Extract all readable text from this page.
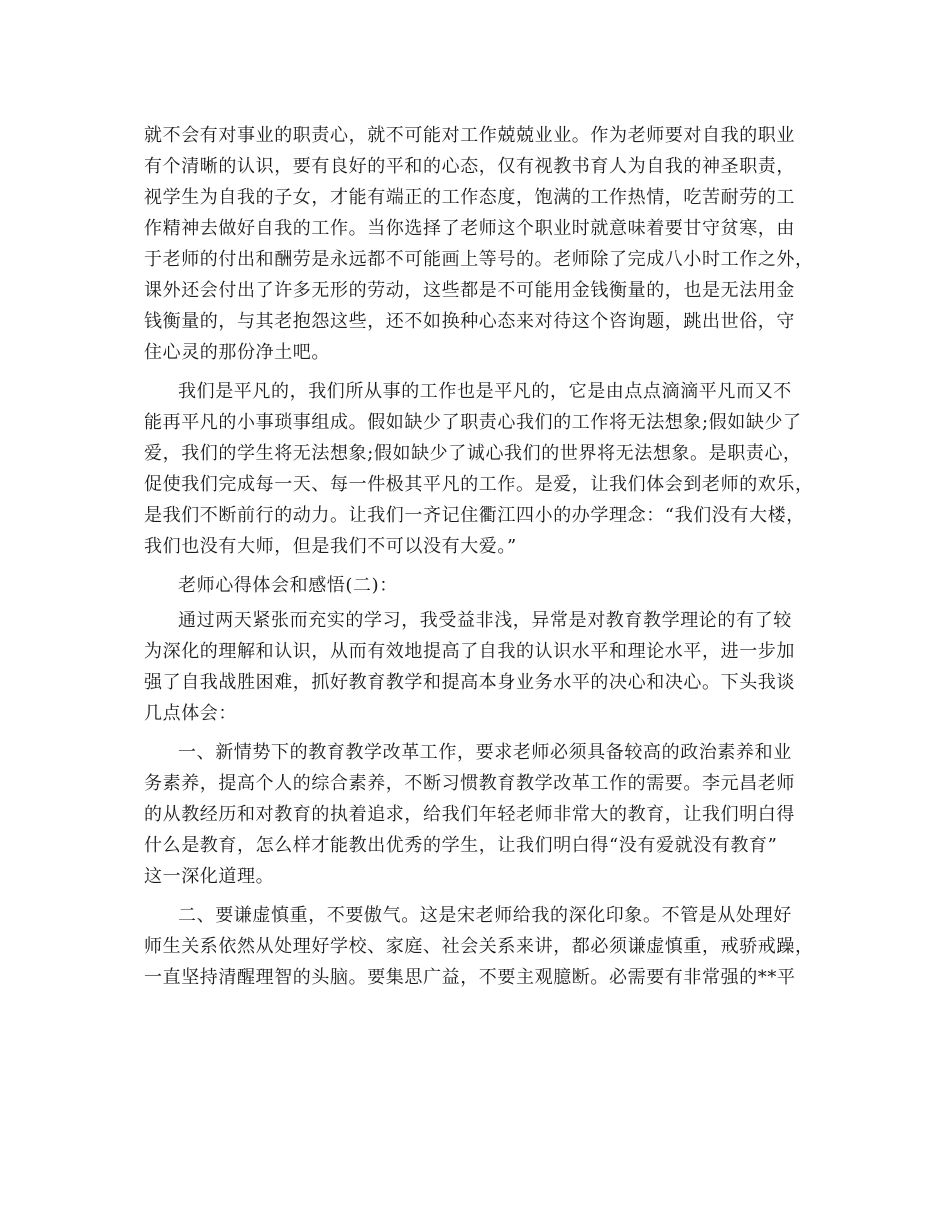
就不会有对事业的职责心，就不可能对工作兢兢业业。作为老师要对自我的职业
有个清晰的认识，要有良好的平和的心态，仅有视教书育人为自我的神圣职责，
视学生为自我的子女，才能有端正的工作态度，饱满的工作热情，吃苦耐劳的工
作精神去做好自我的工作。当你选择了老师这个职业时就意味着要甘守贫寒，由
于老师的付出和酬劳是永远都不可能画上等号的。老师除了完成八小时工作之外，
课外还会付出了许多无形的劳动，这些都是不可能用金钱衡量的，也是无法用金
钱衡量的，与其老抱怨这些，还不如换种心态来对待这个咨询题，跳出世俗，守
住心灵的那份净土吧。
我们是平凡的，我们所从事的工作也是平凡的，它是由点点滴滴平凡而又不
能再平凡的小事琐事组成。假如缺少了职责心我们的工作将无法想象;假如缺少了
爱，我们的学生将无法想象;假如缺少了诚心我们的世界将无法想象。是职责心，
促使我们完成每一天、每一件极其平凡的工作。是爱，让我们体会到老师的欢乐，
是我们不断前行的动力。让我们一齐记住衢江四小的办学理念：“我们没有大楼，
我们也没有大师，但是我们不可以没有大爱。”
老师心得体会和感悟(二)：
通过两天紧张而充实的学习，我受益非浅，异常是对教育教学理论的有了较
为深化的理解和认识，从而有效地提高了自我的认识水平和理论水平，进一步加
强了自我战胜困难，抓好教育教学和提高本身业务水平的决心和决心。下头我谈
几点体会：
一、新情势下的教育教学改革工作，要求老师必须具备较高的政治素养和业
务素养，提高个人的综合素养，不断习惯教育教学改革工作的需要。李元昌老师
的从教经历和对教育的执着追求，给我们年轻老师非常大的教育，让我们明白得
什么是教育，怎么样才能教出优秀的学生，让我们明白得“没有爱就没有教育”
这一深化道理。
二、要谦虚慎重，不要傲气。这是宋老师给我的深化印象。不管是从处理好
师生关系依然从处理好学校、家庭、社会关系来讲，都必须谦虚慎重，戒骄戒躁，
一直坚持清醒理智的头脑。要集思广益，不要主观臆断。必需要有非常强的**平
